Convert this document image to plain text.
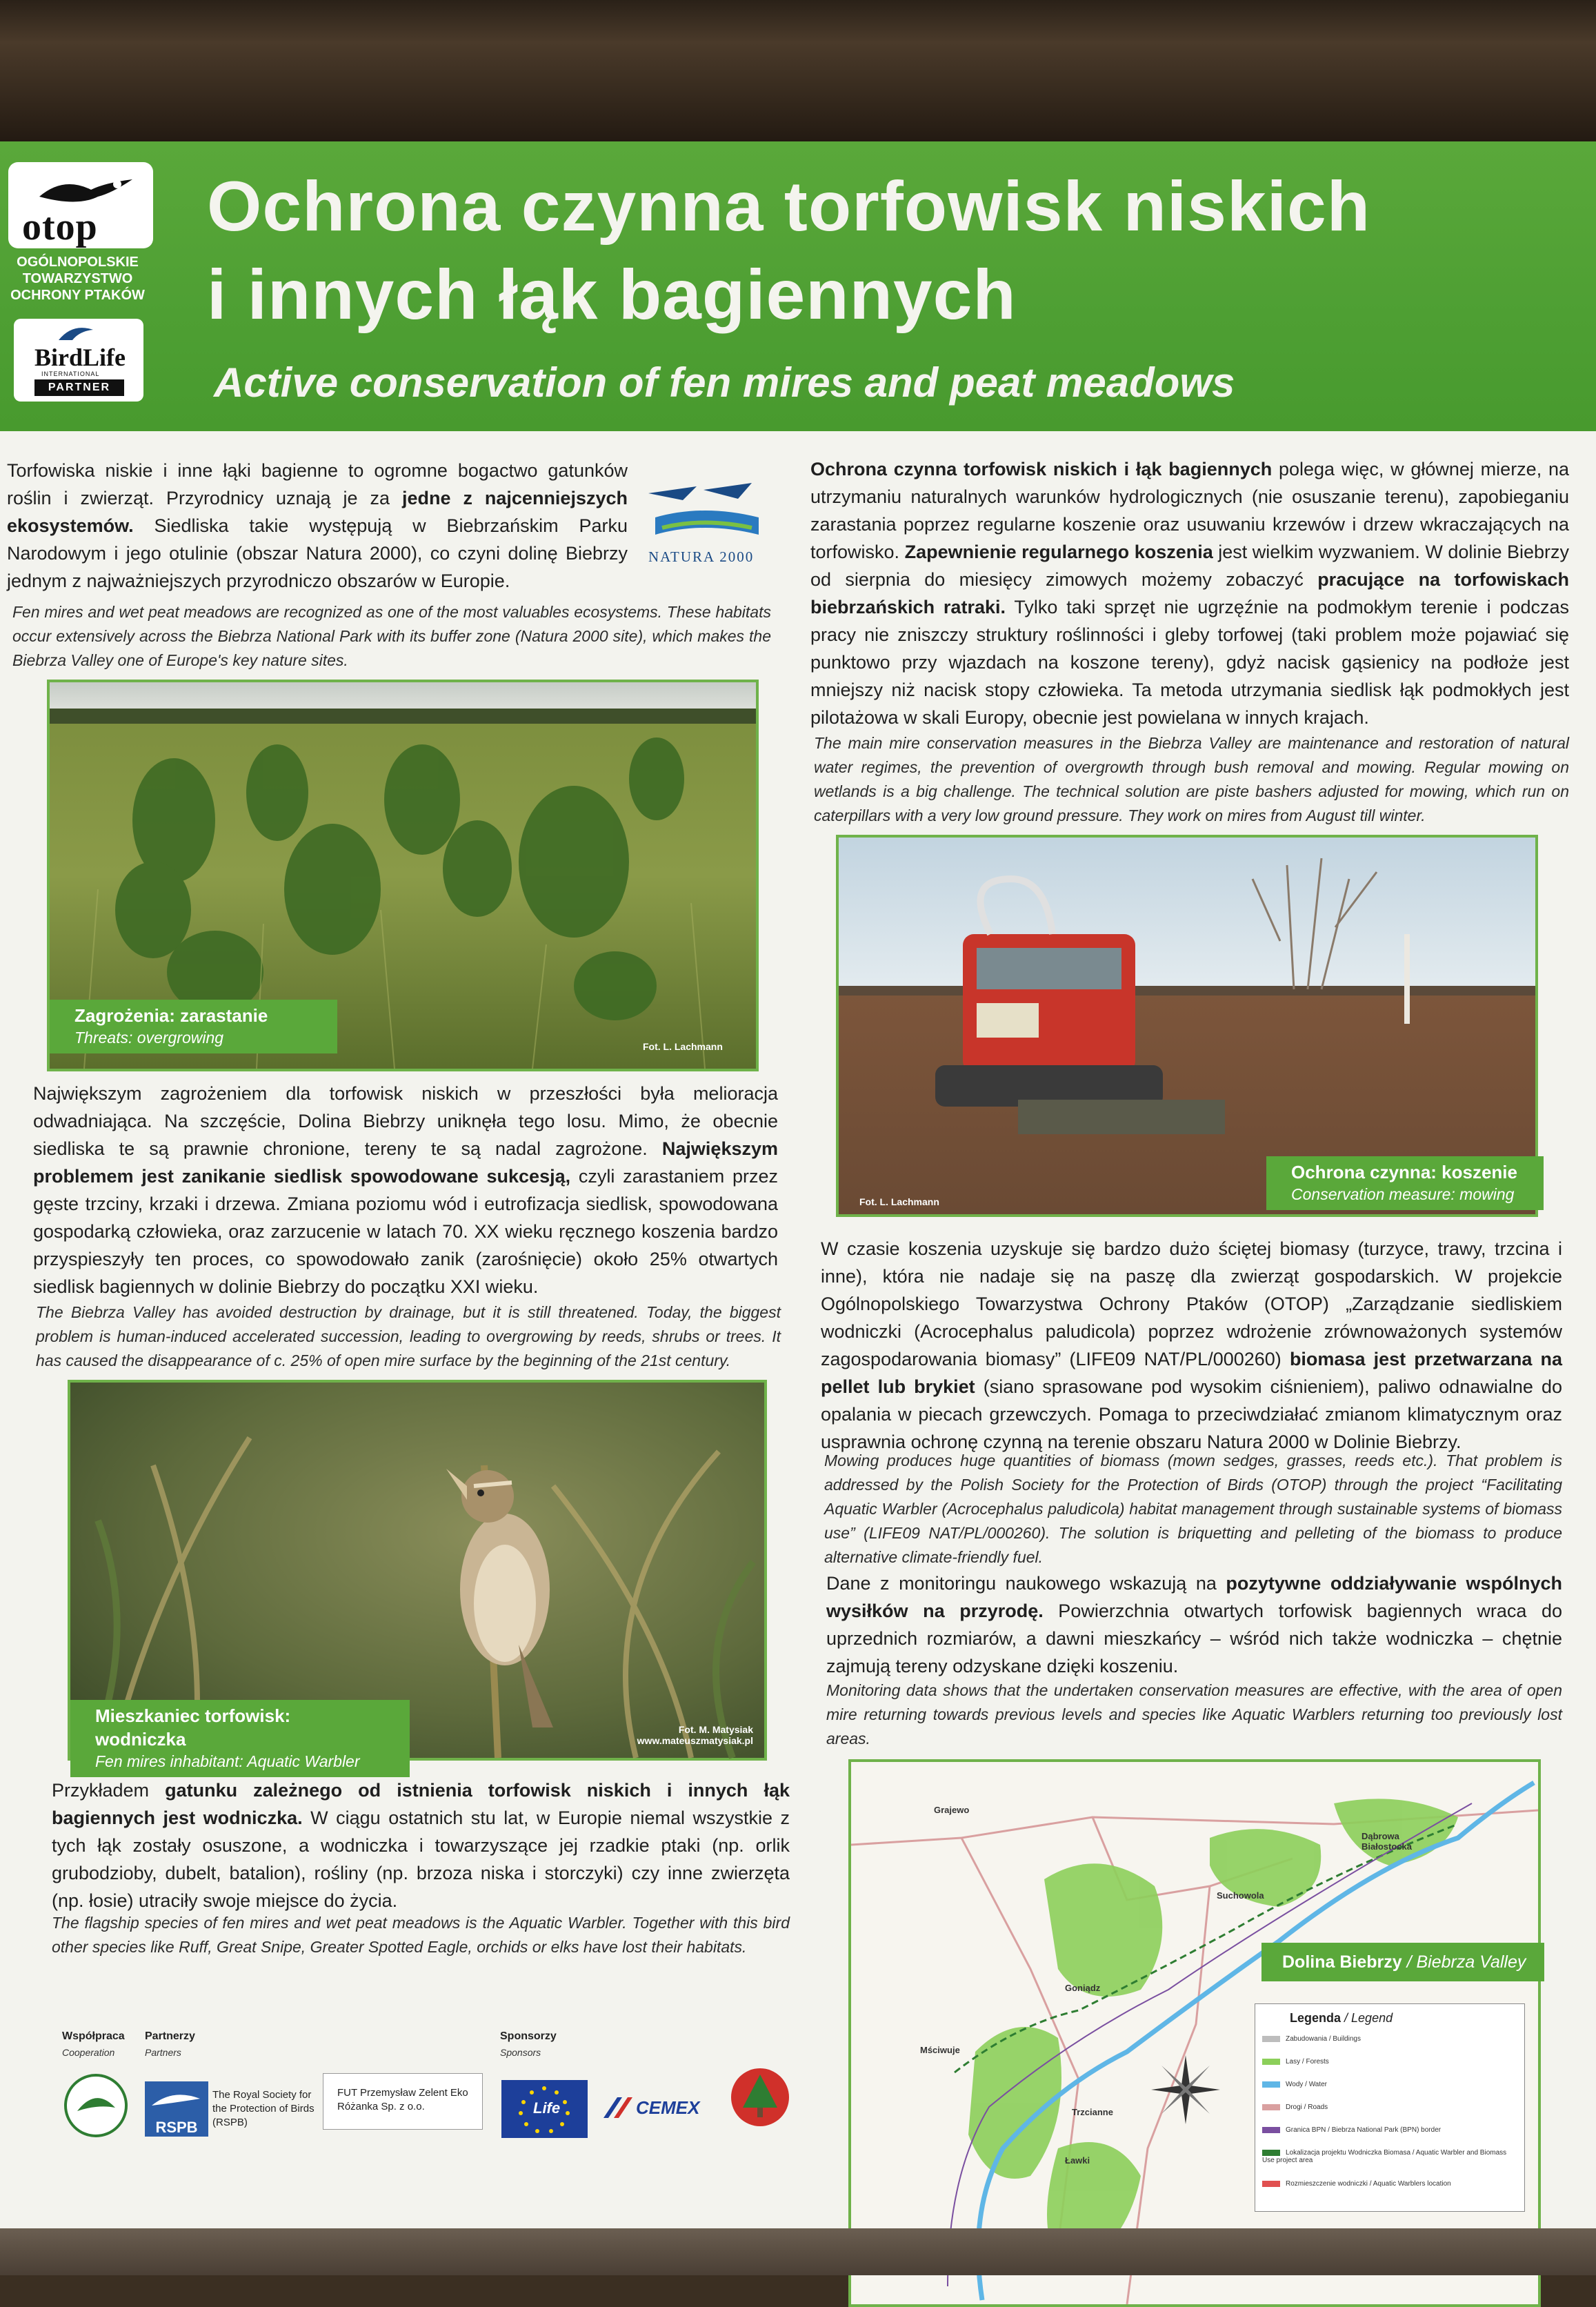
otop
OGÓLNOPOLSKIE TOWARZYSTWO OCHRONY PTAKÓW
BirdLife
INTERNATIONAL
PARTNER
Ochrona czynna torfowisk niskich
i innych łąk bagiennych
Active conservation of fen mires and peat meadows

Torfowiska niskie i inne łąki bagienne to ogromne bogactwo gatunków roślin i zwierząt. Przyrodnicy uznają je za jedne z najcenniejszych ekosystemów. Siedliska takie występują w Biebrzańskim Parku Narodowym i jego otulinie (obszar Natura 2000), co czyni dolinę Biebrzy jednym z najważniejszych przyrodniczo obszarów w Europie.

NATURA 2000

Fen mires and wet peat meadows are recognized as one of the most valuables ecosystems. These habitats occur extensively across the Biebrza National Park with its buffer zone (Natura 2000 site), which makes the Biebrza Valley one of Europe's key nature sites.

Zagrożenia: zarastanie
Threats: overgrowing	Fot. L. Lachmann

Największym zagrożeniem dla torfowisk niskich w przeszłości była melioracja odwadniająca. Na szczęście, Dolina Biebrzy uniknęła tego losu. Mimo, że obecnie siedliska te są prawnie chronione, tereny te są nadal zagrożone. Największym problemem jest zanikanie siedlisk spowodowane sukcesją, czyli zarastaniem przez gęste trzciny, krzaki i drzewa. Zmiana poziomu wód i eutrofizacja siedlisk, spowodowana gospodarką człowieka, oraz zarzucenie w latach 70. XX wieku ręcznego koszenia bardzo przyspieszyły ten proces, co spowodowało zanik (zarośnięcie) około 25% otwartych siedlisk bagiennych w dolinie Biebrzy do początku XXI wieku.

The Biebrza Valley has avoided destruction by drainage, but it is still threatened. Today, the biggest problem is human-induced accelerated succession, leading to overgrowing by reeds, shrubs or trees. It has caused the disappearance of c. 25% of open mire surface by the beginning of the 21st century.

Mieszkaniec torfowisk: wodniczka
Fen mires inhabitant: Aquatic Warbler
Fot. M. Matysiak
www.mateuszmatysiak.pl

Przykładem gatunku zależnego od istnienia torfowisk niskich i innych łąk bagiennych jest wodniczka. W ciągu ostatnich stu lat, w Europie niemal wszystkie z tych łąk zostały osuszone, a wodniczka i towarzyszące jej rzadkie ptaki (np. orlik grubodzioby, dubelt, batalion), rośliny (np. brzoza niska i storczyki) czy inne zwierzęta (np. łosie) utraciły swoje miejsce do życia.

The flagship species of fen mires and wet peat meadows is the Aquatic Warbler. Together with this bird other species like Ruff, Great Snipe, Greater Spotted Eagle, orchids or elks have lost their habitats.

Ochrona czynna torfowisk niskich i łąk bagiennych polega więc, w głównej mierze, na utrzymaniu naturalnych warunków hydrologicznych (nie osuszanie terenu), zapobieganiu zarastania poprzez regularne koszenie oraz usuwaniu krzewów i drzew wkraczających na torfowisko. Zapewnienie regularnego koszenia jest wielkim wyzwaniem. W dolinie Biebrzy od sierpnia do miesięcy zimowych możemy zobaczyć pracujące na torfowiskach biebrzańskich ratraki. Tylko taki sprzęt nie ugrzęźnie na podmokłym terenie i podczas pracy nie zniszczy struktury roślinności i gleby torfowej (taki problem może pojawiać się punktowo przy wjazdach na koszone tereny), gdyż nacisk gąsienicy na podłoże jest mniejszy niż nacisk stopy człowieka. Ta metoda utrzymania siedlisk łąk podmokłych jest pilotażowa w skali Europy, obecnie jest powielana w innych krajach.

The main mire conservation measures in the Biebrza Valley are maintenance and restoration of natural water regimes, the prevention of overgrowth through bush removal and mowing. Regular mowing on wetlands is a big challenge. The technical solution are piste bashers adjusted for mowing, which run on caterpillars with a very low ground pressure. They work on mires from August till winter.

Ochrona czynna: koszenie
Conservation measure: mowing
Fot. L. Lachmann

W czasie koszenia uzyskuje się bardzo dużo ściętej biomasy (turzyce, trawy, trzcina i inne), która nie nadaje się na paszę dla zwierząt gospodarskich. W projekcie Ogólnopolskiego Towarzystwa Ochrony Ptaków (OTOP) „Zarządzanie siedliskiem wodniczki (Acrocephalus paludicola) poprzez wdrożenie zrównoważonych systemów zagospodarowania biomasy” (LIFE09 NAT/PL/000260) biomasa jest przetwarzana na pellet lub brykiet (siano sprasowane pod wysokim ciśnieniem), paliwo odnawialne do opalania w piecach grzewczych. Pomaga to przeciwdziałać zmianom klimatycznym oraz usprawnia ochronę czynną na terenie obszaru Natura 2000 w Dolinie Biebrzy.

Mowing produces huge quantities of biomass (mown sedges, grasses, reeds etc.). That problem is addressed by the Polish Society for the Protection of Birds (OTOP) through the project “Facilitating Aquatic Warbler (Acrocephalus paludicola) habitat management through sustainable systems of biomass use” (LIFE09 NAT/PL/000260). The solution is briquetting and pelleting of the biomass to produce alternative climate-friendly fuel.

Dane z monitoringu naukowego wskazują na pozytywne oddziaływanie wspólnych wysiłków na przyrodę. Powierzchnia otwartych torfowisk bagiennych wraca do uprzednich rozmiarów, a dawni mieszkańcy – wśród nich także wodniczka – chętnie zajmują tereny odzyskane dzięki koszeniu.

Monitoring data shows that the undertaken conservation measures are effective, with the area of open mire returning towards previous levels and species like Aquatic Warblers returning too previously lost areas.

Grajewo
Dąbrowa Białostocka
Suchowola
Goniądz
Mściwuje
Trzcianne
Ławki
Dolina Biebrzy / Biebrza Valley
Legenda / Legend
Zabudowania / Buildings
Lasy / Forests
Wody / Water
Drogi / Roads
Granica BPN / Biebrza National Park (BPN) border
Lokalizacja projektu Wodniczka Biomasa / Aquatic Warbler and Biomass Use project area
Rozmieszczenie wodniczki / Aquatic Warblers location
Współpraca
Cooperation
Partnerzy
Partners
Sponsorzy
Sponsors
RSPB
The Royal Society for the Protection of Birds (RSPB)
FUT Przemysław Zelent Eko Różanka Sp. z o.o.	Life	CEMEX
